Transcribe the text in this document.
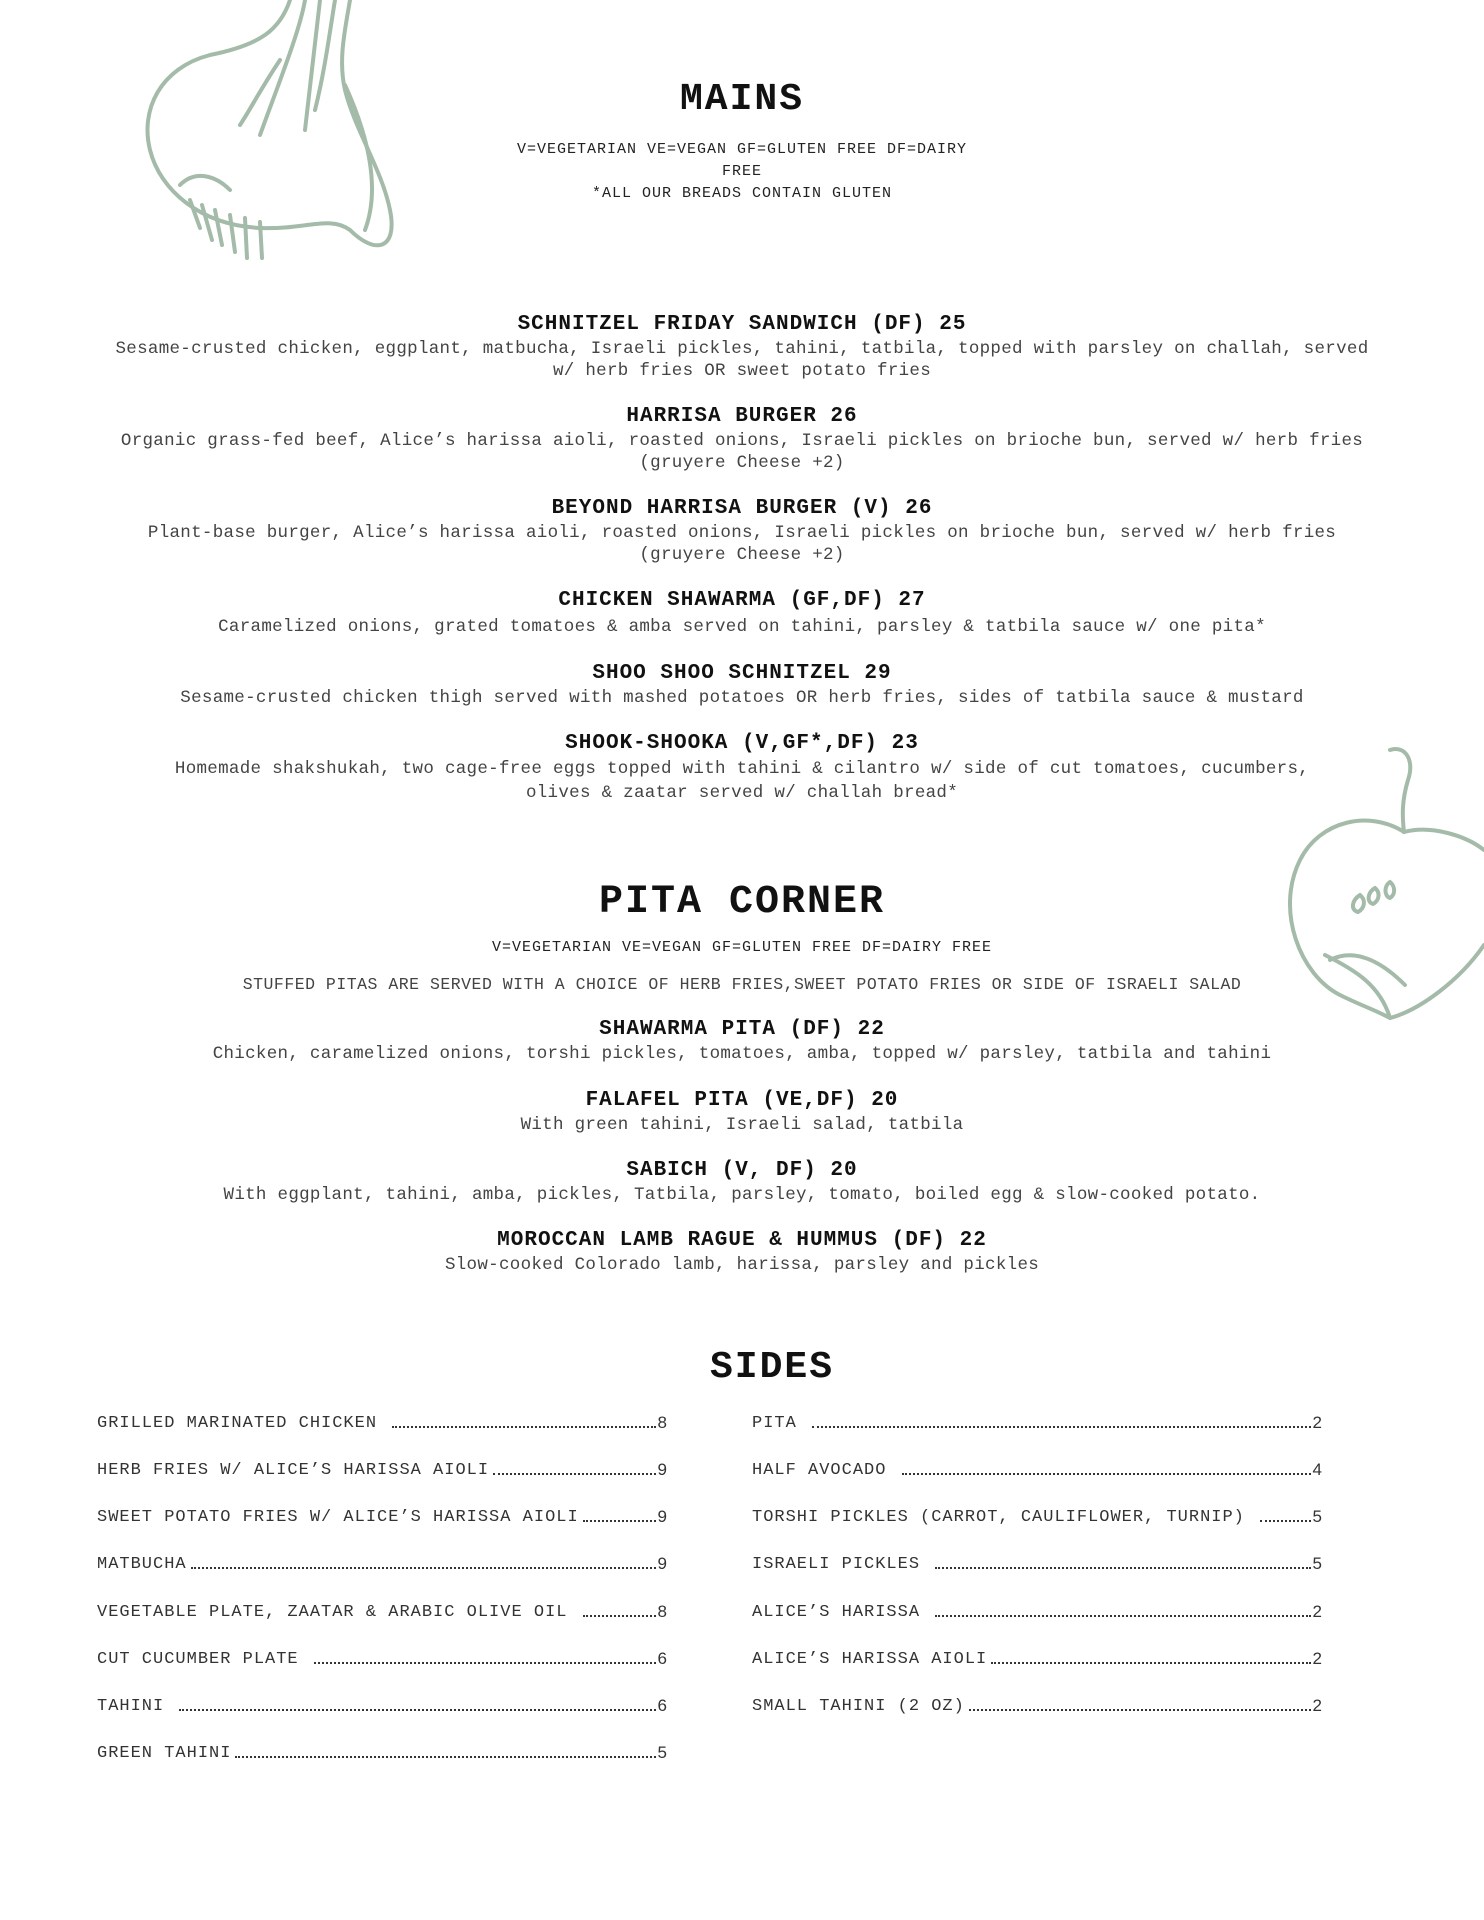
MAINS
V=VEGETARIAN VE=VEGAN GF=GLUTEN FREE DF=DAIRY
FREE
*ALL OUR BREADS CONTAIN GLUTEN
SCHNITZEL FRIDAY SANDWICH (DF) 25
Sesame-crusted chicken, eggplant, matbucha, Israeli pickles, tahini, tatbila, topped with parsley on challah, served
w/ herb fries OR sweet potato fries
HARRISA BURGER 26
Organic grass-fed beef, Alice’s harissa aioli, roasted onions, Israeli pickles on brioche bun, served w/ herb fries
(gruyere Cheese +2)
BEYOND HARRISA BURGER (V) 26
Plant-base burger, Alice’s harissa aioli, roasted onions, Israeli pickles on brioche bun, served w/ herb fries
(gruyere Cheese +2)
CHICKEN SHAWARMA (GF,DF) 27
Caramelized onions, grated tomatoes & amba served on tahini, parsley & tatbila sauce w/ one pita*
SHOO SHOO SCHNITZEL 29
Sesame-crusted chicken thigh served with mashed potatoes OR herb fries, sides of tatbila sauce & mustard
SHOOK-SHOOKA (V,GF*,DF) 23
Homemade shakshukah, two cage-free eggs topped with tahini & cilantro w/ side of cut tomatoes, cucumbers,
olives & zaatar served w/ challah bread*
PITA CORNER
V=VEGETARIAN VE=VEGAN GF=GLUTEN FREE DF=DAIRY FREE
STUFFED PITAS ARE SERVED WITH A CHOICE OF HERB FRIES,SWEET POTATO FRIES OR SIDE OF ISRAELI SALAD
SHAWARMA PITA (DF) 22
Chicken, caramelized onions, torshi pickles, tomatoes, amba, topped w/ parsley, tatbila and tahini
FALAFEL PITA (VE,DF) 20
With green tahini, Israeli salad, tatbila
SABICH (V, DF) 20
With eggplant, tahini, amba, pickles, Tatbila, parsley, tomato, boiled egg & slow-cooked potato.
MOROCCAN LAMB RAGUE & HUMMUS (DF) 22
Slow-cooked Colorado lamb, harissa, parsley and pickles
SIDES
GRILLED MARINATED CHICKEN	8
HERB FRIES W/ ALICE’S HARISSA AIOLI	9
SWEET POTATO FRIES W/ ALICE’S HARISSA AIOLI	9
MATBUCHA	9
VEGETABLE PLATE, ZAATAR & ARABIC OLIVE OIL	8
CUT CUCUMBER PLATE	6
TAHINI	6
GREEN TAHINI	5
PITA	2
HALF AVOCADO	4
TORSHI PICKLES (CARROT, CAULIFLOWER, TURNIP)	5
ISRAELI PICKLES	5
ALICE’S HARISSA	2
ALICE’S HARISSA AIOLI	2
SMALL TAHINI (2 OZ)	2
